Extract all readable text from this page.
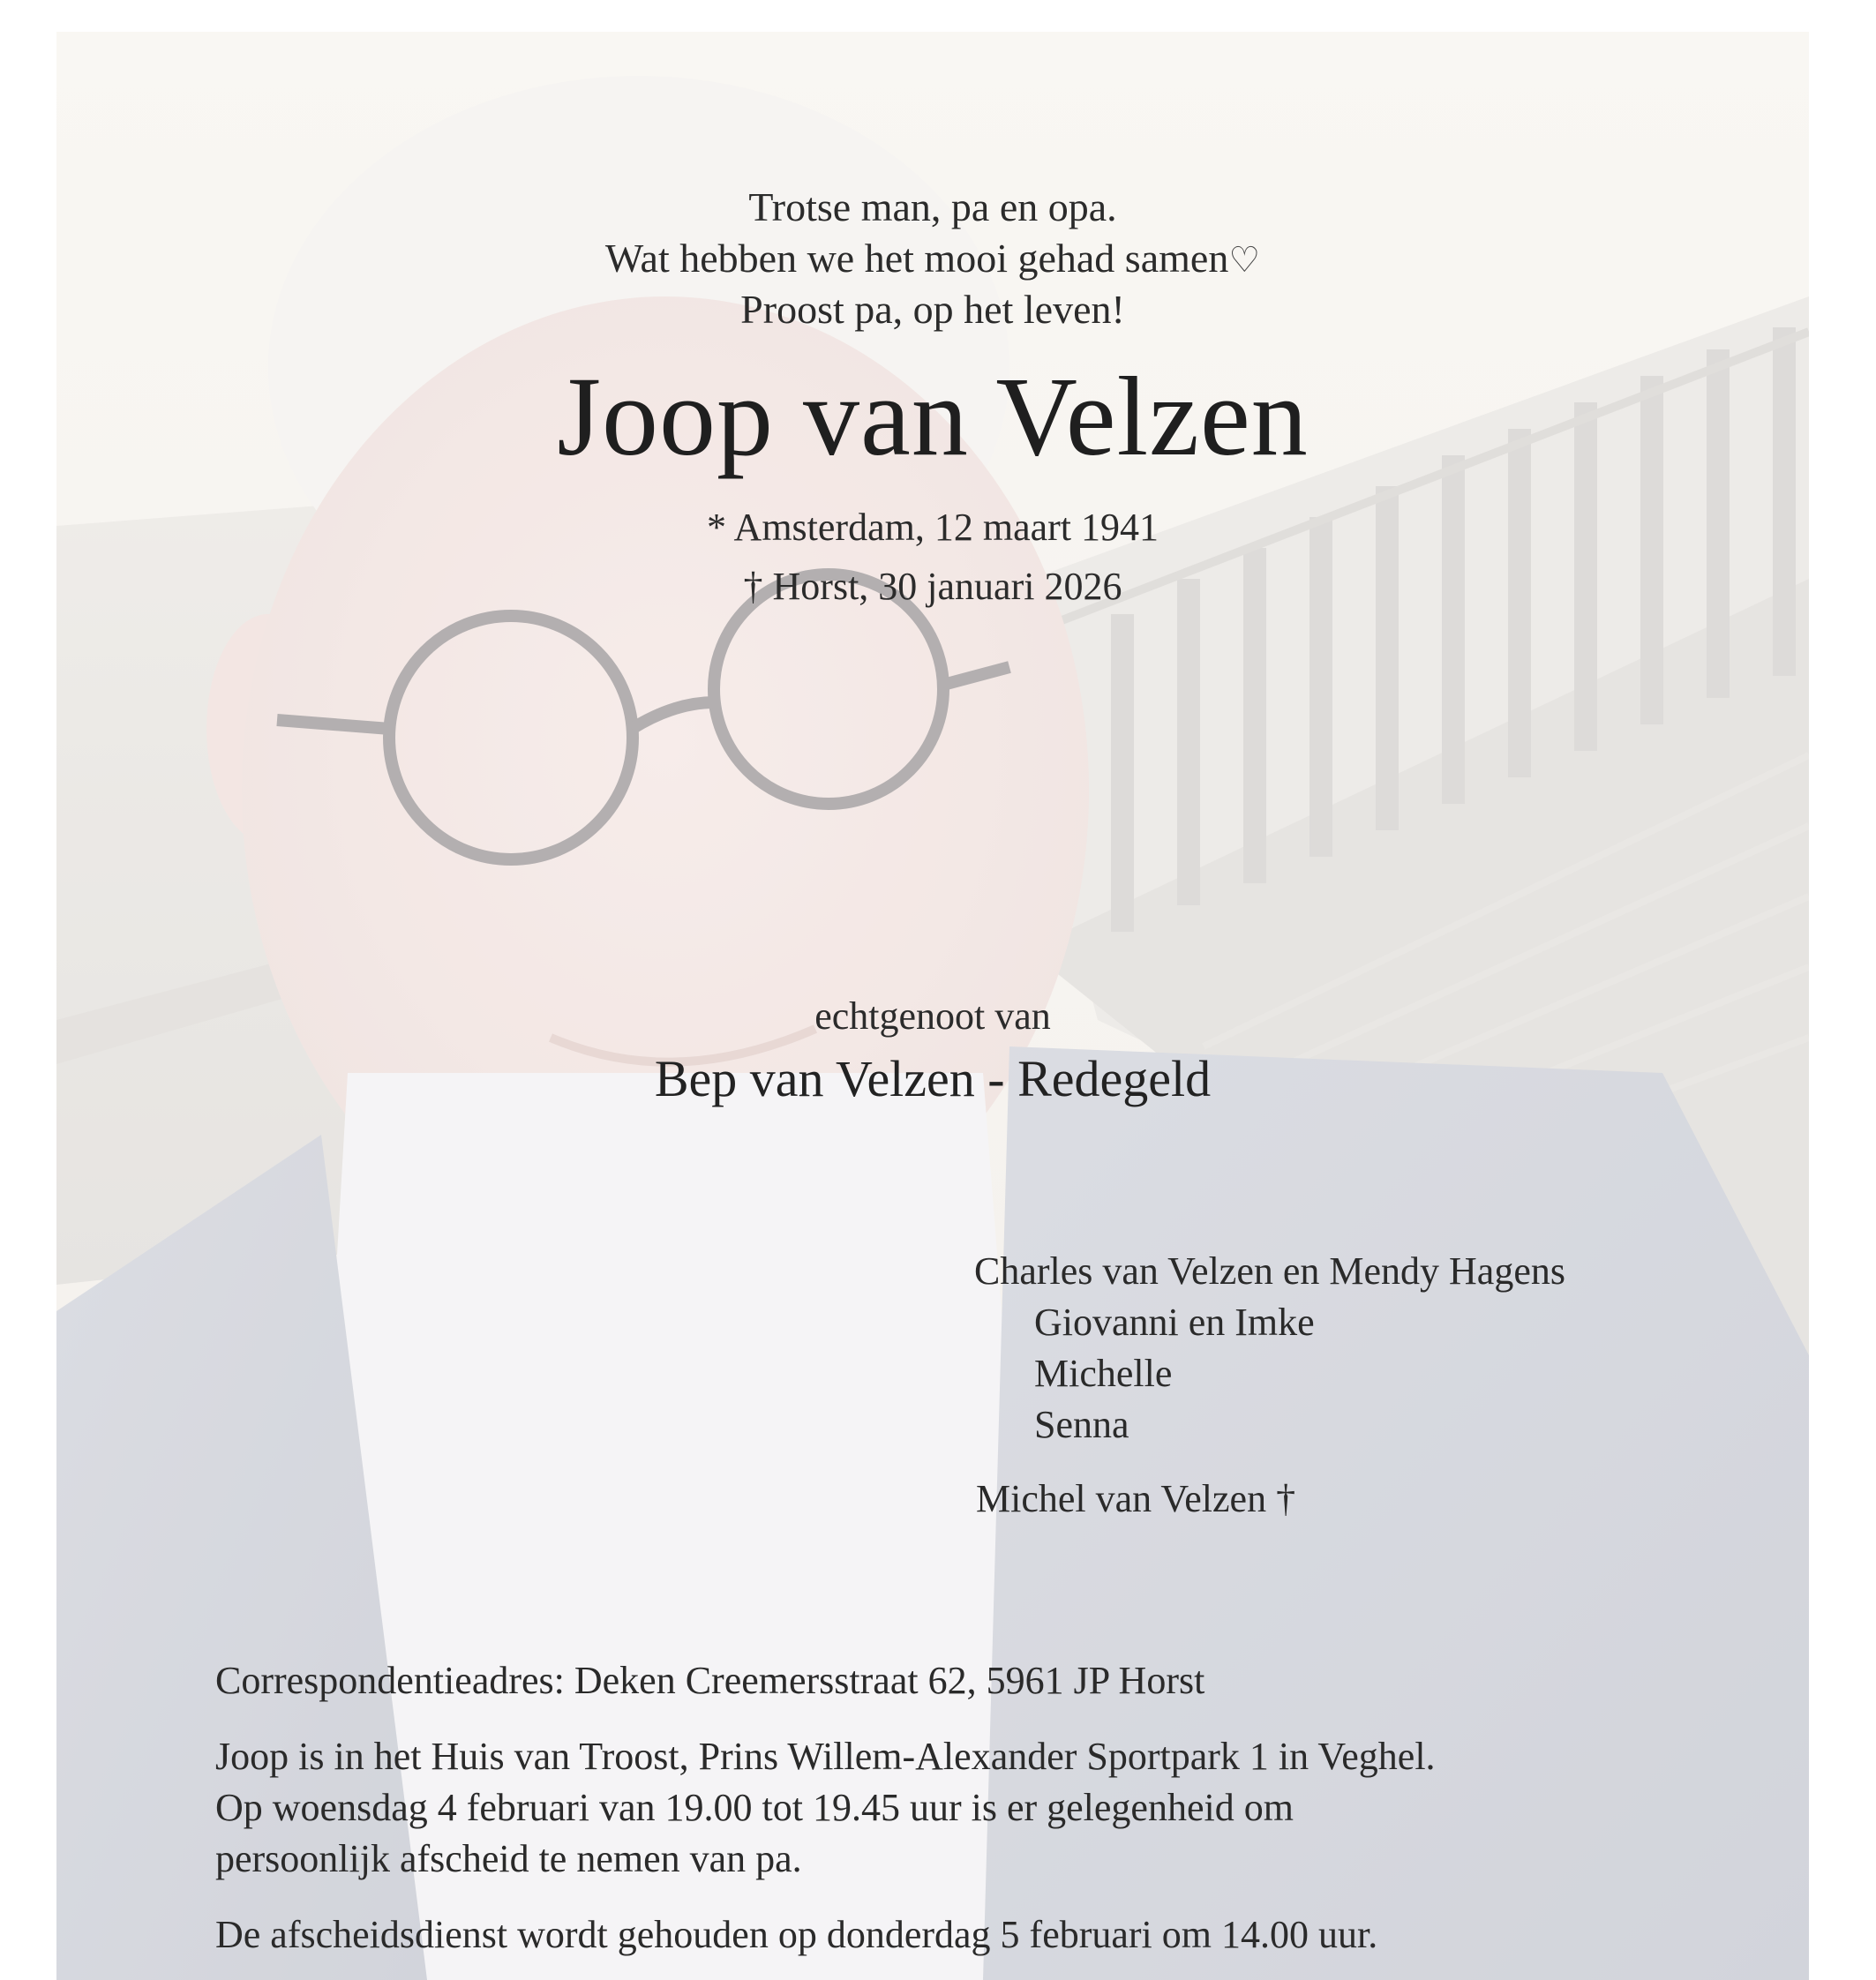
Trotse man, pa en opa.

Wat hebben we het mooi gehad samen♡

Proost pa, op het leven!

Joop van Velzen

* Amsterdam, 12 maart 1941

† Horst, 30 januari 2026

echtgenoot van

Bep van Velzen - Redegeld

Charles van Velzen en Mendy Hagens

Giovanni en Imke

Michelle

Senna

Michel van Velzen †

Correspondentieadres: Deken Creemersstraat 62, 5961 JP Horst

Joop is in het Huis van Troost, Prins Willem-Alexander Sportpark 1 in Veghel.

Op woensdag 4 februari van 19.00 tot 19.45 uur is er gelegenheid om

persoonlijk afscheid te nemen van pa.

De afscheidsdienst wordt gehouden op donderdag 5 februari om 14.00 uur.
